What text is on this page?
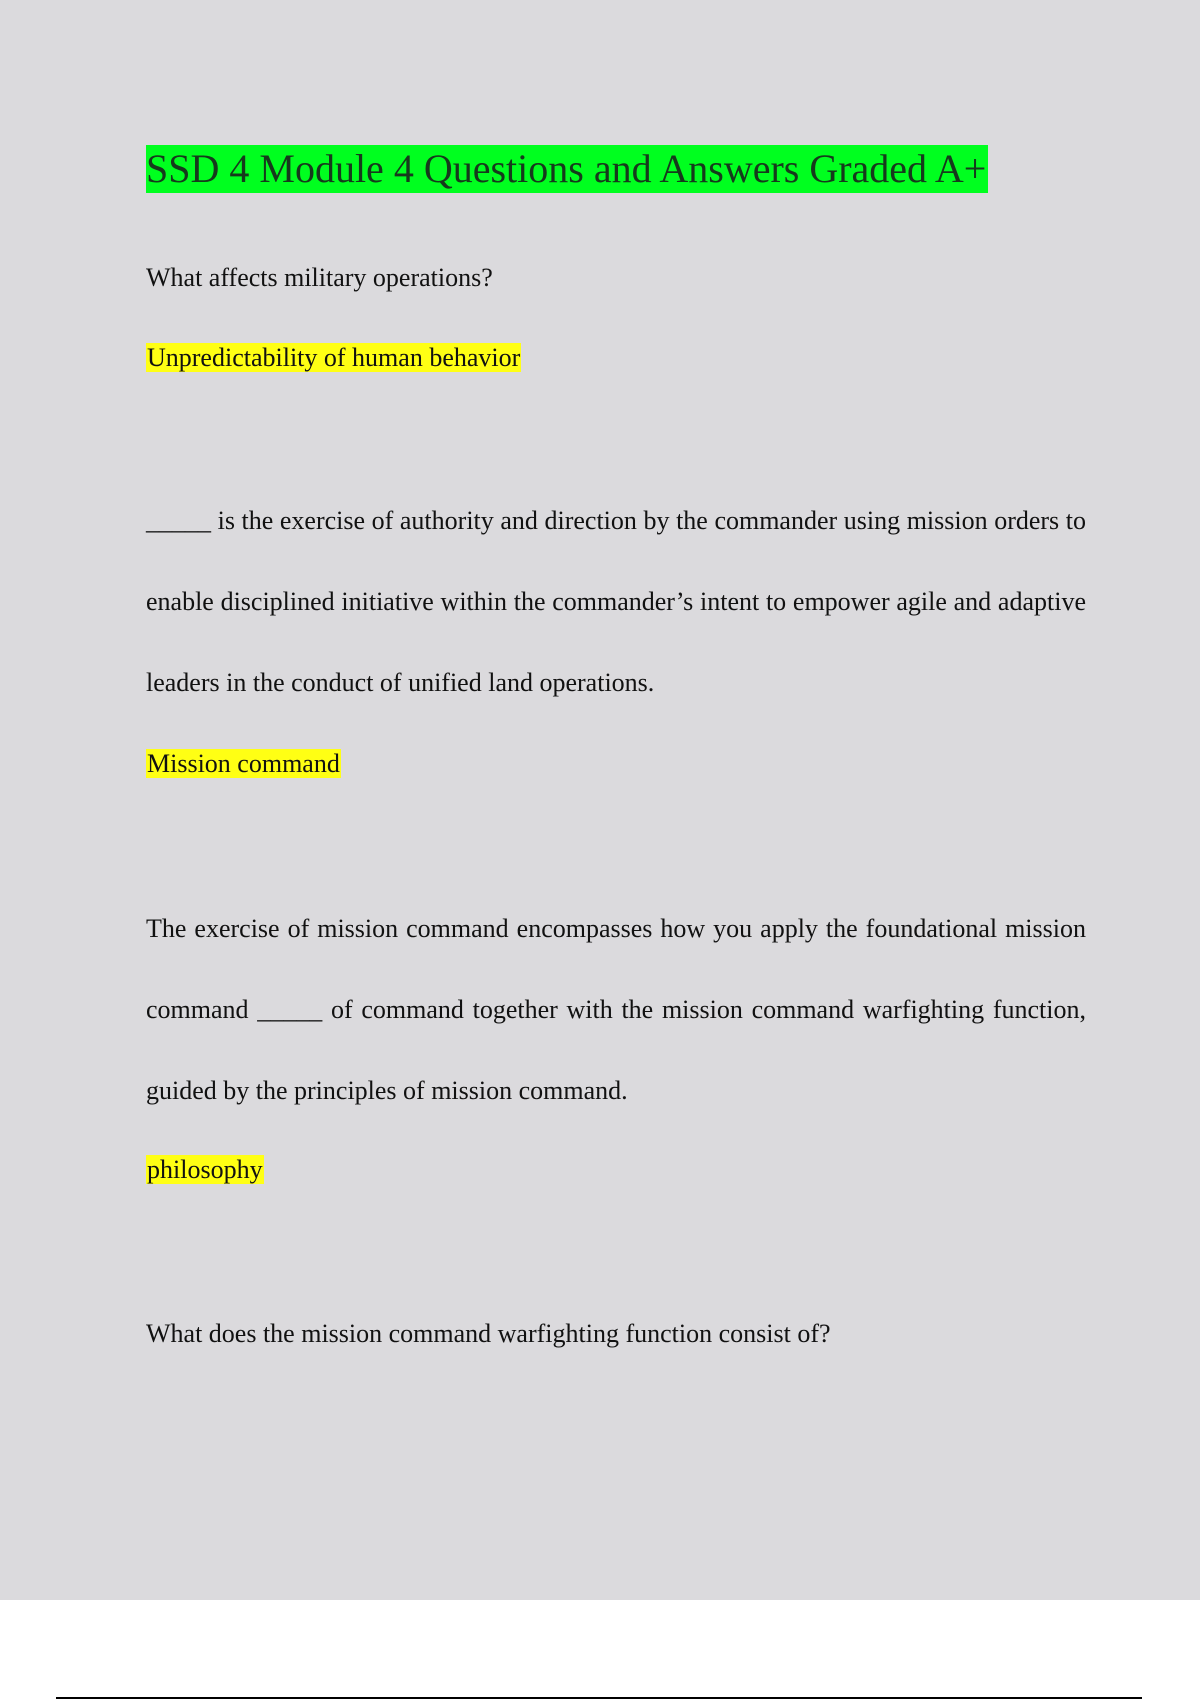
SSD 4 Module 4 Questions and Answers Graded A+
What affects military operations?
Unpredictability of human behavior
_____ is the exercise of authority and direction by the commander using mission orders to enable disciplined initiative within the commander’s intent to empower agile and adaptive leaders in the conduct of unified land operations.
Mission command
The exercise of mission command encompasses how you apply the foundational mission command _____ of command together with the mission command warfighting function, guided by the principles of mission command.
philosophy
What does the mission command warfighting function consist of?
